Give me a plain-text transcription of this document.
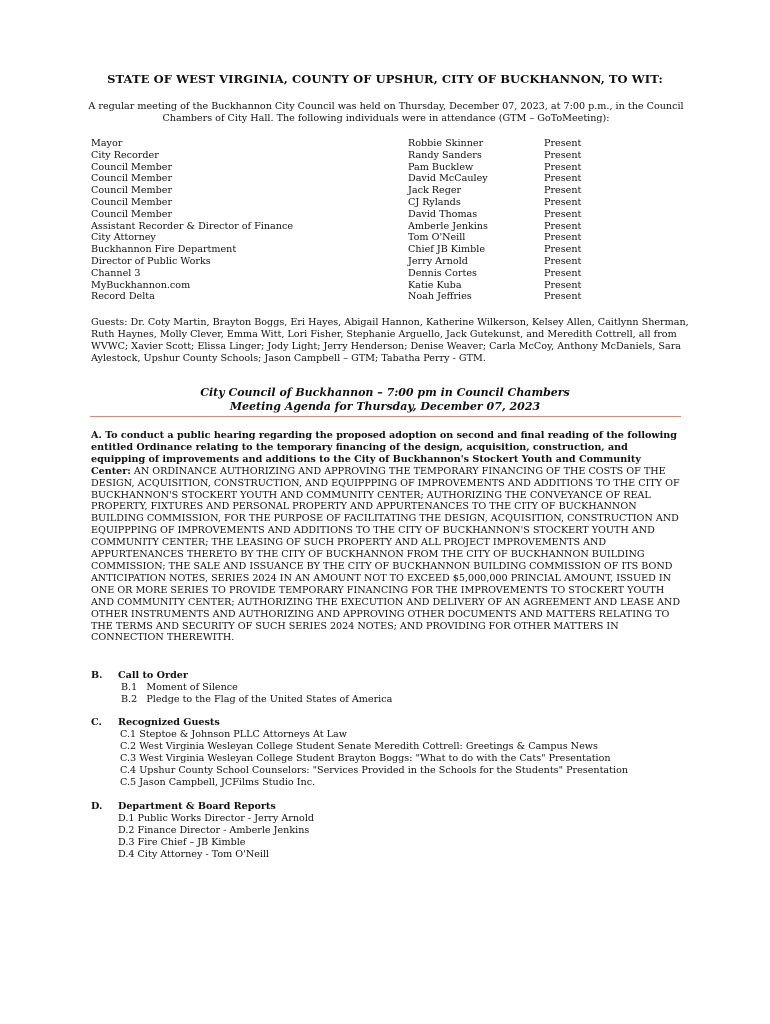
STATE OF WEST VIRGINIA, COUNTY OF UPSHUR, CITY OF BUCKHANNON, TO WIT:
A regular meeting of the Buckhannon City Council was held on Thursday, December 07, 2023, at 7:00 p.m., in the Council Chambers of City Hall. The following individuals were in attendance (GTM – GoToMeeting):
Mayor	Robbie Skinner	Present
City Recorder	Randy Sanders	Present
Council Member	Pam Bucklew	Present
Council Member	David McCauley	Present
Council Member	Jack Reger	Present
Council Member	CJ Rylands	Present
Council Member	David Thomas	Present
Assistant Recorder & Director of Finance	Amberle Jenkins	Present
City Attorney	Tom O'Neill	Present
Buckhannon Fire Department	Chief JB Kimble	Present
Director of Public Works	Jerry Arnold	Present
Channel 3	Dennis Cortes	Present
MyBuckhannon.com	Katie Kuba	Present
Record Delta	Noah Jeffries	Present
Guests: Dr. Coty Martin, Brayton Boggs, Eri Hayes, Abigail Hannon, Katherine Wilkerson, Kelsey Allen, Caitlynn Sherman, Ruth Haynes, Molly Clever, Emma Witt, Lori Fisher, Stephanie Arguello, Jack Gutekunst, and Meredith Cottrell, all from WVWC; Xavier Scott; Elissa Linger; Jody Light; Jerry Henderson; Denise Weaver; Carla McCoy, Anthony McDaniels, Sara Aylestock, Upshur County Schools; Jason Campbell – GTM; Tabatha Perry - GTM.
City Council of Buckhannon – 7:00 pm in Council Chambers
Meeting Agenda for Thursday, December 07, 2023
A. To conduct a public hearing regarding the proposed adoption on second and final reading of the following entitled Ordinance relating to the temporary financing of the design, acquisition, construction, and equipping of improvements and additions to the City of Buckhannon's Stockert Youth and Community Center: AN ORDINANCE AUTHORIZING AND APPROVING THE TEMPORARY FINANCING OF THE COSTS OF THE DESIGN, ACQUISITION, CONSTRUCTION, AND EQUIPPPING OF IMPROVEMENTS AND ADDITIONS TO THE CITY OF BUCKHANNON'S STOCKERT YOUTH AND COMMUNITY CENTER; AUTHORIZING THE CONVEYANCE OF REAL PROPERTY, FIXTURES AND PERSONAL PROPERTY AND APPURTENANCES TO THE CITY OF BUCKHANNON BUILDING COMMISSION, FOR THE PURPOSE OF FACILITATING THE DESIGN, ACQUISITION, CONSTRUCTION AND EQUIPPPING OF IMPROVEMENTS AND ADDITIONS TO THE CITY OF BUCKHANNON'S STOCKERT YOUTH AND COMMUNITY CENTER; THE LEASING OF SUCH PROPERTY AND ALL PROJECT IMPROVEMENTS AND APPURTENANCES THERETO BY THE CITY OF BUCKHANNON FROM THE CITY OF BUCKHANNON BUILDING COMMISSION; THE SALE AND ISSUANCE BY THE CITY OF BUCKHANNON BUILDING COMMISSION OF ITS BOND ANTICIPATION NOTES, SERIES 2024 IN AN AMOUNT NOT TO EXCEED $5,000,000 PRINCIAL AMOUNT, ISSUED IN ONE OR MORE SERIES TO PROVIDE TEMPORARY FINANCING FOR THE IMPROVEMENTS TO STOCKERT YOUTH AND COMMUNITY CENTER; AUTHORIZING THE EXECUTION AND DELIVERY OF AN AGREEMENT AND LEASE AND OTHER INSTRUMENTS AND AUTHORIZING AND APPROVING OTHER DOCUMENTS AND MATTERS RELATING TO THE TERMS AND SECURITY OF SUCH SERIES 2024 NOTES; AND PROVIDING FOR OTHER MATTERS IN CONNECTION THEREWITH.
B.	Call to Order
B.1   Moment of Silence
B.2   Pledge to the Flag of the United States of America
C.	Recognized Guests
C.1 Steptoe & Johnson PLLC Attorneys At Law
C.2 West Virginia Wesleyan College Student Senate Meredith Cottrell: Greetings & Campus News
C.3 West Virginia Wesleyan College Student Brayton Boggs: "What to do with the Cats" Presentation
C.4 Upshur County School Counselors: "Services Provided in the Schools for the Students" Presentation
C.5 Jason Campbell, JCFilms Studio Inc.
D.	Department & Board Reports
D.1 Public Works Director - Jerry Arnold
D.2 Finance Director - Amberle Jenkins
D.3 Fire Chief – JB Kimble
D.4 City Attorney - Tom O'Neill
